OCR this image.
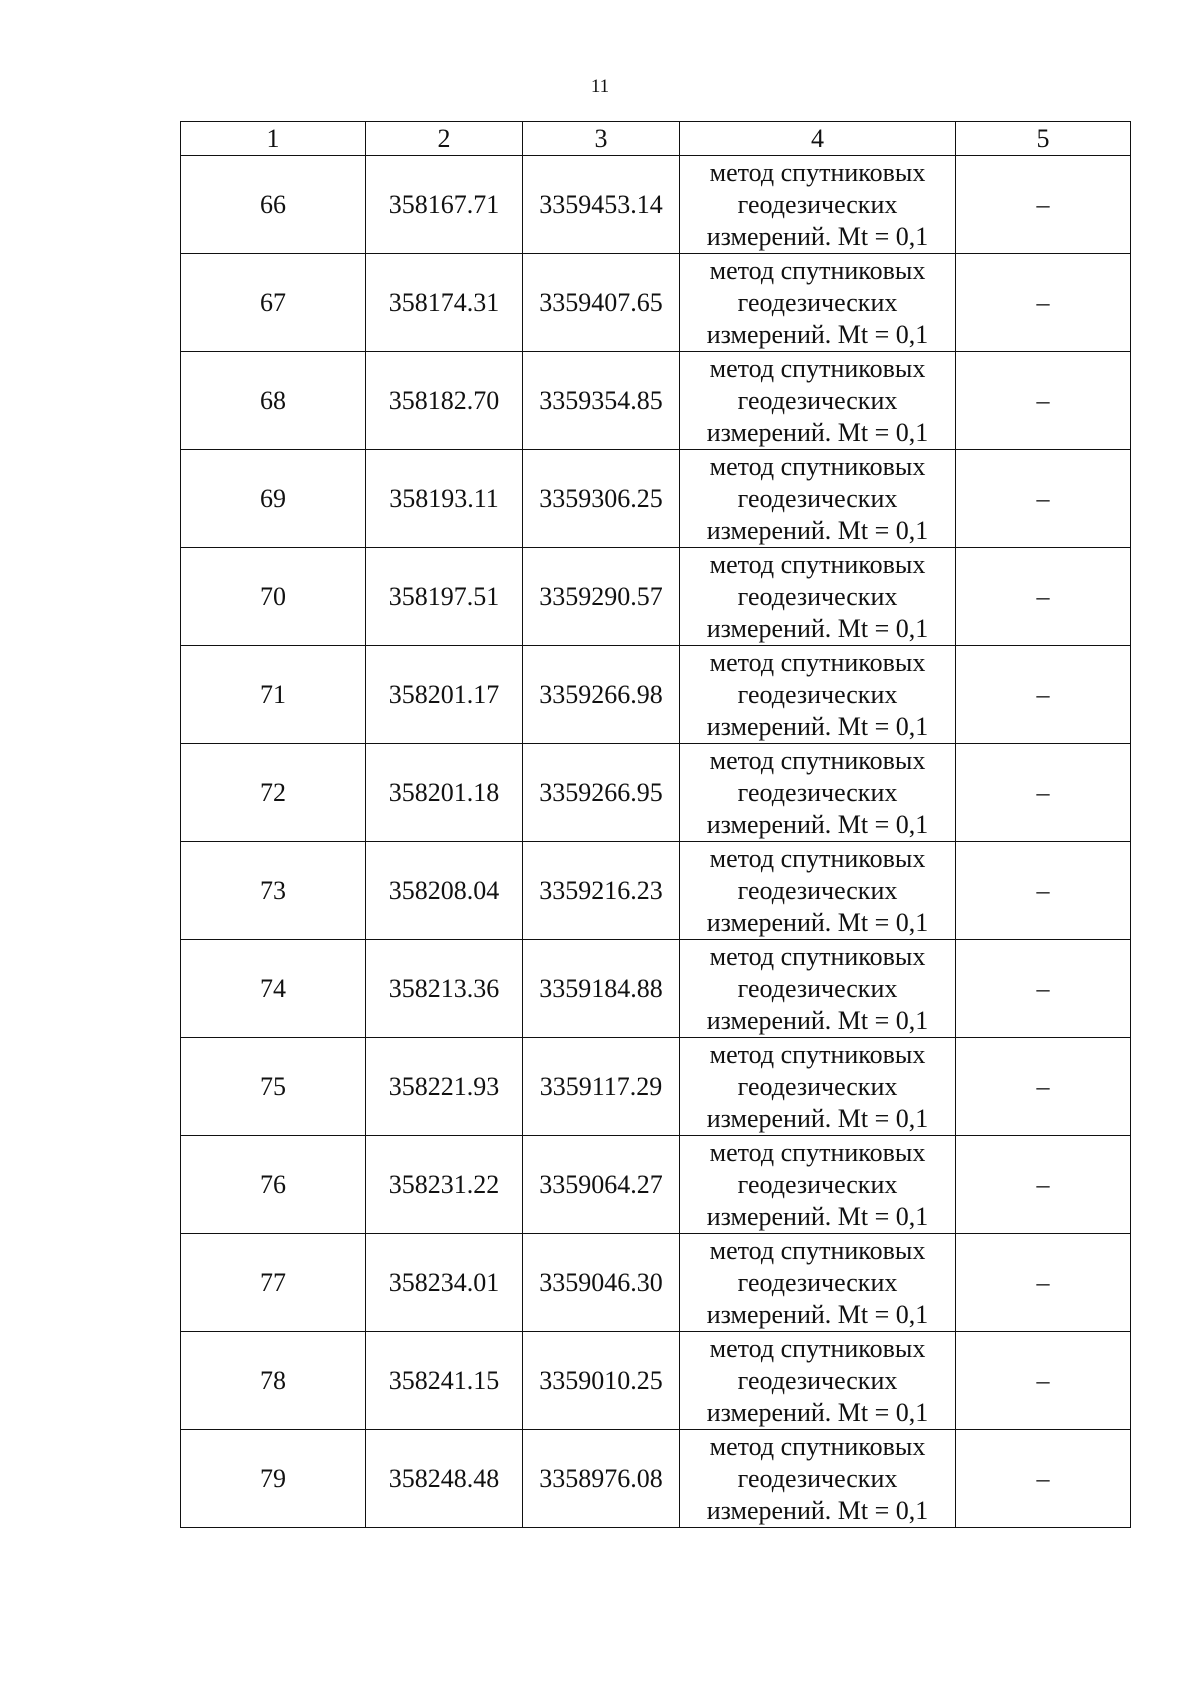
11
1	2	3	4	5
66	358167.71	3359453.14	метод спутниковых
геодезических
измерений. Mt = 0,1	–
67	358174.31	3359407.65	метод спутниковых
геодезических
измерений. Mt = 0,1	–
68	358182.70	3359354.85	метод спутниковых
геодезических
измерений. Mt = 0,1	–
69	358193.11	3359306.25	метод спутниковых
геодезических
измерений. Mt = 0,1	–
70	358197.51	3359290.57	метод спутниковых
геодезических
измерений. Mt = 0,1	–
71	358201.17	3359266.98	метод спутниковых
геодезических
измерений. Mt = 0,1	–
72	358201.18	3359266.95	метод спутниковых
геодезических
измерений. Mt = 0,1	–
73	358208.04	3359216.23	метод спутниковых
геодезических
измерений. Mt = 0,1	–
74	358213.36	3359184.88	метод спутниковых
геодезических
измерений. Mt = 0,1	–
75	358221.93	3359117.29	метод спутниковых
геодезических
измерений. Mt = 0,1	–
76	358231.22	3359064.27	метод спутниковых
геодезических
измерений. Mt = 0,1	–
77	358234.01	3359046.30	метод спутниковых
геодезических
измерений. Mt = 0,1	–
78	358241.15	3359010.25	метод спутниковых
геодезических
измерений. Mt = 0,1	–
79	358248.48	3358976.08	метод спутниковых
геодезических
измерений. Mt = 0,1	–
